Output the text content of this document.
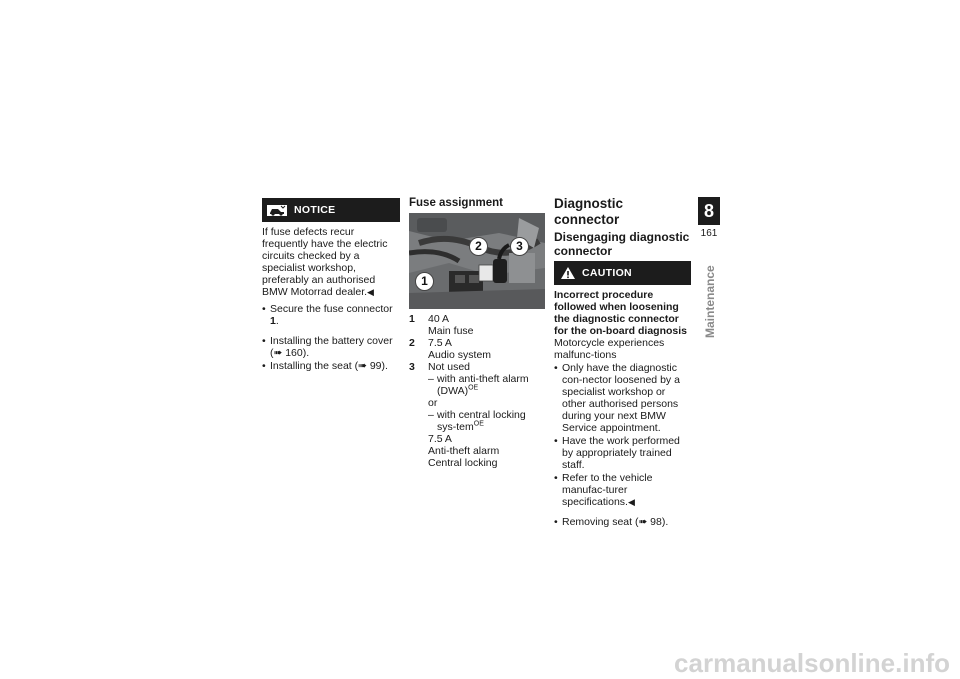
NOTICE

If fuse defects recur frequently have the electric circuits checked by a specialist workshop, preferably an authorised BMW Motorrad dealer.◀

• Secure the fuse connector 1.
• Installing the battery cover
(➠ 160).
• Installing the seat (➠ 99).
Fuse assignment
2	3
1
1	40 A
Main fuse
2	7.5 A
Audio system
3	Not used
– with anti-theft alarm (DWA)$^{OE}$
or
– with central locking sys-tem$^{OE}$
7.5 A
Anti-theft alarm
Central locking
Diagnostic connector
Disengaging diagnostic connector
CAUTION

Incorrect procedure followed when loosening the diagnostic connector for the on-board diagnosis

Motorcycle experiences malfunc-tions

• Only have the diagnostic con-nector loosened by a specialist workshop or other authorised persons during your next BMW Service appointment.
• Have the work performed by appropriately trained staff.
• Refer to the vehicle manufac-turer specifications.◀
• Removing seat (➠ 98).
8
161
Maintenance
carmanualsonline.info
